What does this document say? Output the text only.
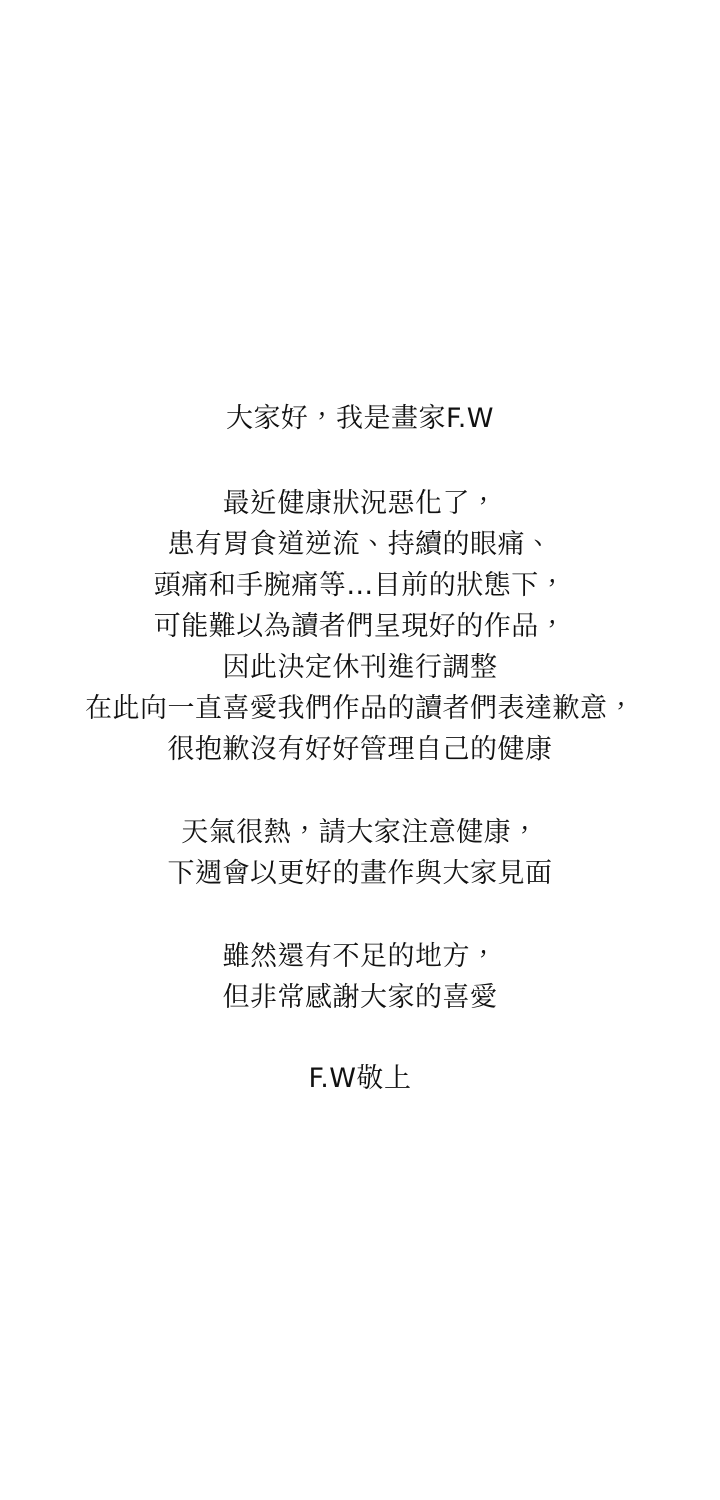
大家好，我是畫家F.W

最近健康狀況惡化了，
患有胃食道逆流、持續的眼痛、
頭痛和手腕痛等…目前的狀態下，
可能難以為讀者們呈現好的作品，
因此決定休刊進行調整
在此向一直喜愛我們作品的讀者們表達歉意，
很抱歉沒有好好管理自己的健康

天氣很熱，請大家注意健康，
下週會以更好的畫作與大家見面

雖然還有不足的地方，
但非常感謝大家的喜愛

F.W敬上
